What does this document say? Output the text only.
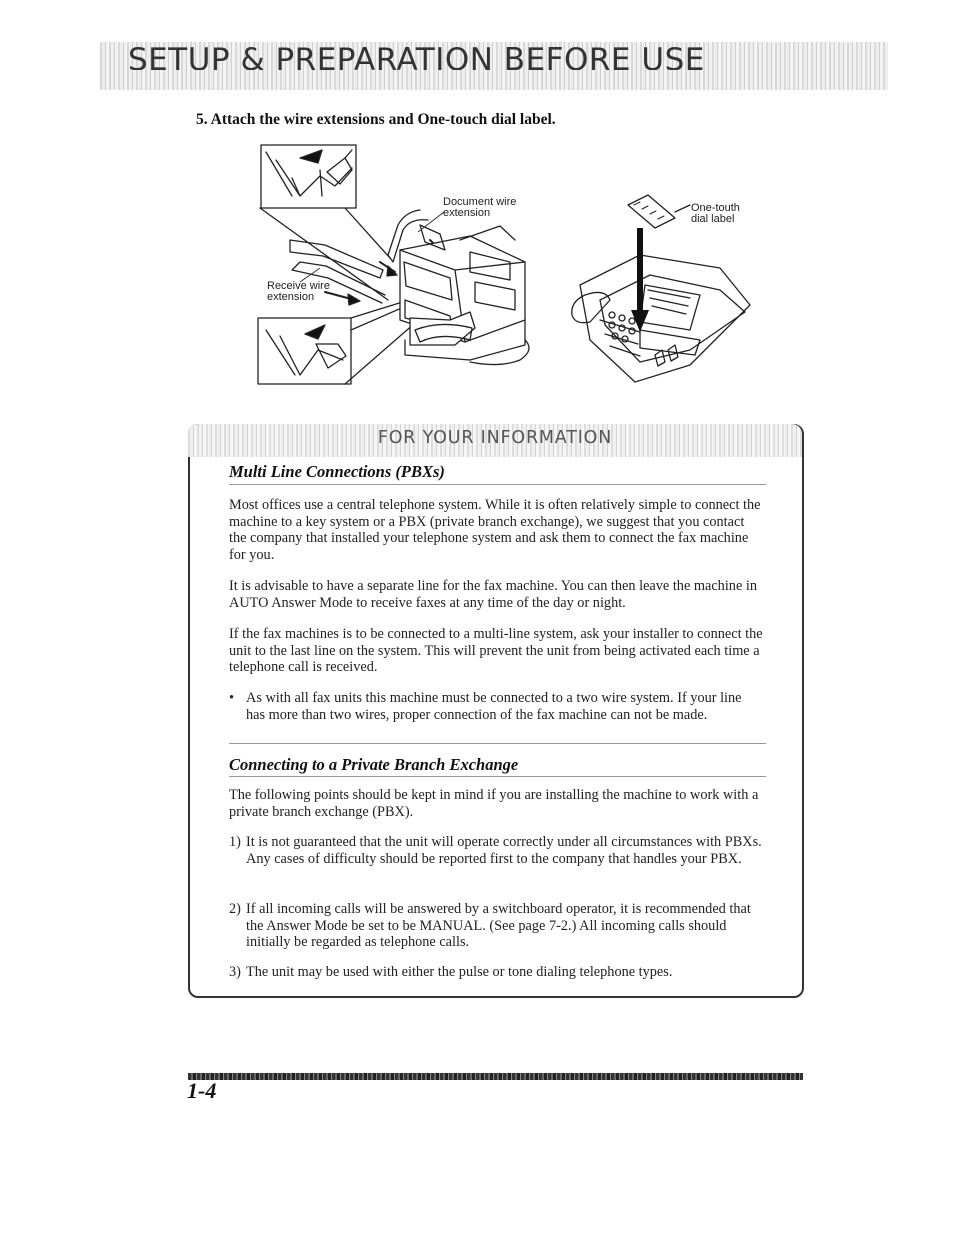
SETUP & PREPARATION BEFORE USE
5. Attach the wire extensions and One-touch dial label.
Document wire
extension
Receive wire
extension
One-touth
dial label
FOR YOUR INFORMATION
Multi Line Connections (PBXs)
Most offices use a central telephone system. While it is often relatively simple to connect the machine to a key system or a PBX (private branch exchange), we suggest that you contact the company that installed your telephone system and ask them to connect the fax machine for you.
It is advisable to have a separate line for the fax machine. You can then leave the machine in AUTO Answer Mode to receive faxes at any time of the day or night.
If the fax machines is to be connected to a multi-line system, ask your installer to connect the unit to the last line on the system. This will prevent the unit from being activated each time a telephone call is received.
• As with all fax units this machine must be connected to a two wire system. If your line has more than two wires, proper connection of the fax machine can not be made.
Connecting to a Private Branch Exchange
The following points should be kept in mind if you are installing the machine to work with a private branch exchange (PBX).
1) It is not guaranteed that the unit will operate correctly under all circumstances with PBXs. Any cases of difficulty should be reported first to the company that handles your PBX.
2) If all incoming calls will be answered by a switchboard operator, it is recommended that the Answer Mode be set to be MANUAL. (See page 7-2.) All incoming calls should initially be regarded as telephone calls.
3) The unit may be used with either the pulse or tone dialing telephone types.
1-4
